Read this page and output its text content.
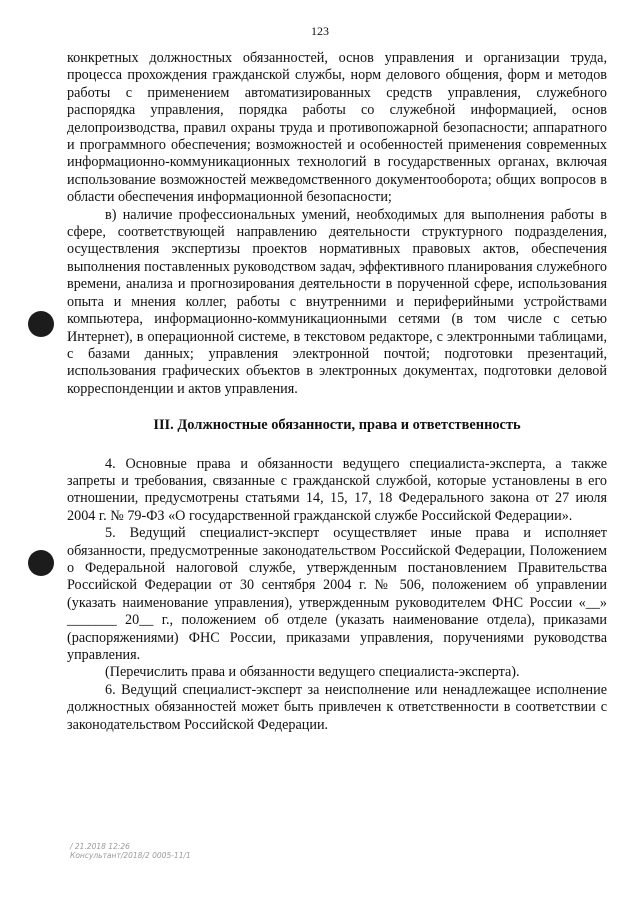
123

конкретных должностных обязанностей, основ управления и организации труда, процесса прохождения гражданской службы, норм делового общения, форм и методов работы с применением автоматизированных средств управления, служебного распорядка управления, порядка работы со служебной информацией, основ делопроизводства, правил охраны труда и противопожарной безопасности; аппаратного и программного обеспечения; возможностей и особенностей применения современных информационно-коммуникационных технологий в государственных органах, включая использование возможностей межведомственного документооборота; общих вопросов в области обеспечения информационной безопасности;

в) наличие профессиональных умений, необходимых для выполнения работы в сфере, соответствующей направлению деятельности структурного подразделения, осуществления экспертизы проектов нормативных правовых актов, обеспечения выполнения поставленных руководством задач, эффективного планирования служебного времени, анализа и прогнозирования деятельности в порученной сфере, использования опыта и мнения коллег, работы с внутренними и периферийными устройствами компьютера, информационно-коммуникационными сетями (в том числе с сетью Интернет), в операционной системе, в текстовом редакторе, с электронными таблицами, с базами данных; управления электронной почтой; подготовки презентаций, использования графических объектов в электронных документах, подготовки деловой корреспонденции и актов управления.

III. Должностные обязанности, права и ответственность

4. Основные права и обязанности ведущего специалиста-эксперта, а также запреты и требования, связанные с гражданской службой, которые установлены в его отношении, предусмотрены статьями 14, 15, 17, 18 Федерального закона от 27 июля 2004 г. № 79-ФЗ «О государственной гражданской службе Российской Федерации».

5. Ведущий специалист-эксперт осуществляет иные права и исполняет обязанности, предусмотренные законодательством Российской Федерации, Положением о Федеральной налоговой службе, утвержденным постановлением Правительства Российской Федерации от 30 сентября 2004 г. № 506, положением об управлении (указать наименование управления), утвержденным руководителем ФНС России «__» _______ 20__ г., положением об отделе (указать наименование отдела), приказами (распоряжениями) ФНС России, приказами управления, поручениями руководства управления.

(Перечислить права и обязанности ведущего специалиста-эксперта).

6. Ведущий специалист-эксперт за неисполнение или ненадлежащее исполнение должностных обязанностей может быть привлечен к ответственности в соответствии с законодательством Российской Федерации.

/ 21.2018 12:26
Консультант/2018/2 0005-11/1
